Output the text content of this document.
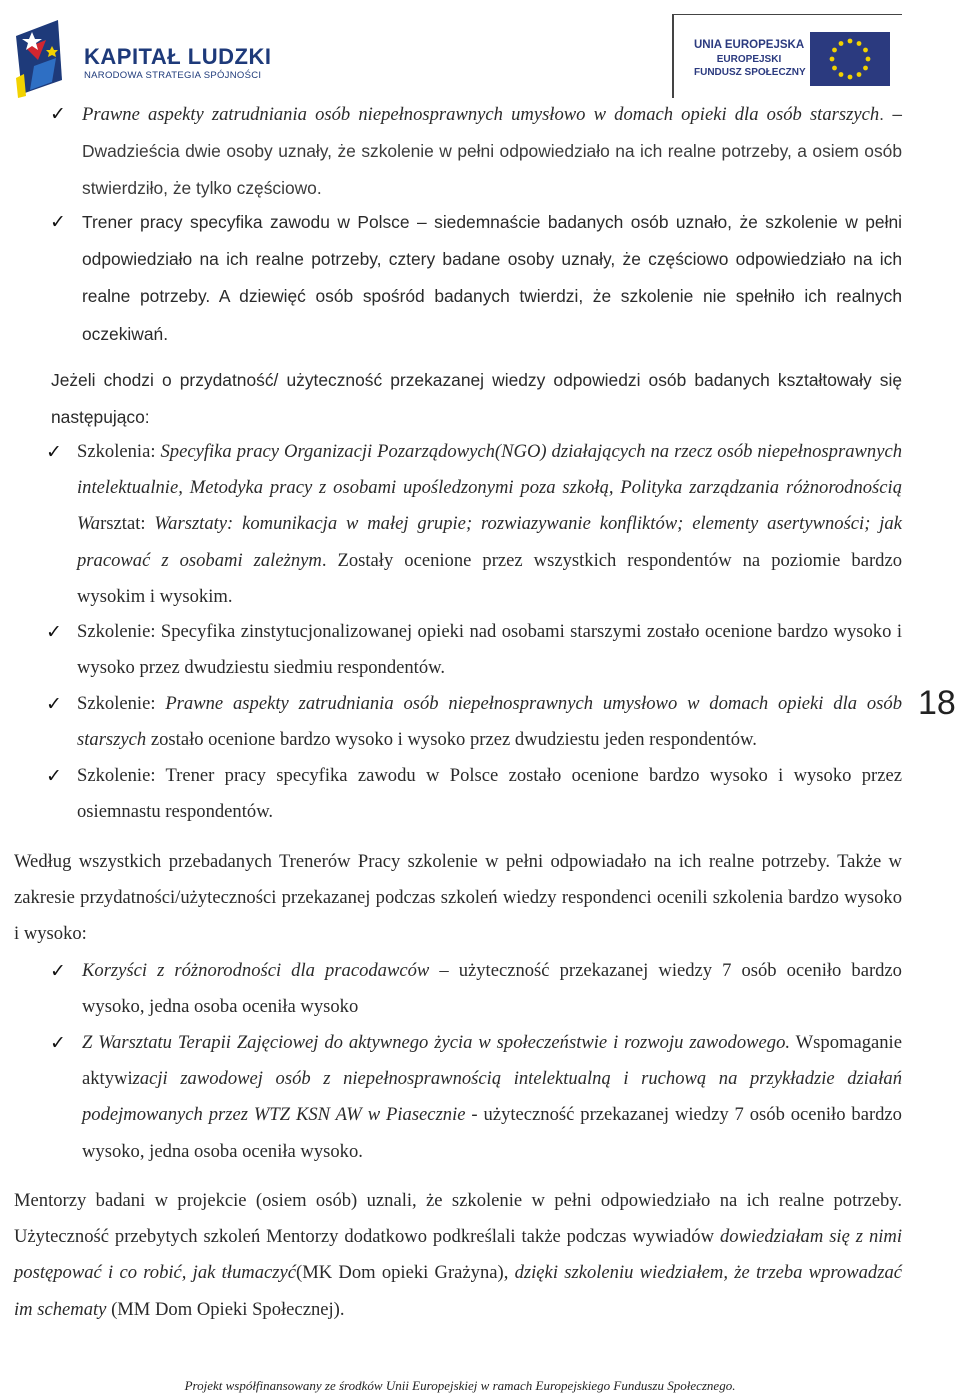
KAPITAŁ LUDZKI
NARODOWA STRATEGIA SPÓJNOŚCI
UNIA EUROPEJSKA
EUROPEJSKI
FUNDUSZ SPOŁECZNY
✓ Prawne aspekty zatrudniania osób niepełnosprawnych umysłowo w domach opieki dla osób starszych. – Dwadzieścia dwie osoby uznały, że szkolenie w pełni odpowiedziało na ich realne potrzeby, a osiem osób stwierdziło, że tylko częściowo.
✓ Trener pracy specyfika zawodu w Polsce – siedemnaście badanych osób uznało, że szkolenie w pełni odpowiedziało na ich realne potrzeby, cztery badane osoby uznały, że częściowo odpowiedziało na ich realne potrzeby. A dziewięć osób spośród badanych twierdzi, że szkolenie nie spełniło ich realnych oczekiwań.
Jeżeli chodzi o przydatność/ użyteczność przekazanej wiedzy odpowiedzi osób badanych kształtowały się następująco:
✓ Szkolenia: Specyfika pracy Organizacji Pozarządowych(NGO) działających na rzecz osób niepełnosprawnych intelektualnie, Metodyka pracy z osobami upośledzonymi poza szkołą, Polityka zarządzania różnorodnością Warsztat: Warsztaty: komunikacja w małej grupie; rozwiazywanie konfliktów; elementy asertywności; jak pracować z osobami zależnym. Zostały ocenione przez wszystkich respondentów na poziomie bardzo wysokim i wysokim.
✓ Szkolenie: Specyfika zinstytucjonalizowanej opieki nad osobami starszymi zostało ocenione bardzo wysoko i wysoko przez dwudziestu siedmiu respondentów.
✓ Szkolenie: Prawne aspekty zatrudniania osób niepełnosprawnych umysłowo w domach opieki dla osób starszych zostało ocenione bardzo wysoko i wysoko przez dwudziestu jeden respondentów.
✓ Szkolenie: Trener pracy specyfika zawodu w Polsce zostało ocenione bardzo wysoko i wysoko przez osiemnastu respondentów.
18
Według wszystkich przebadanych Trenerów Pracy szkolenie w pełni odpowiadało na ich realne potrzeby. Także w zakresie przydatności/użyteczności przekazanej podczas szkoleń wiedzy respondenci ocenili szkolenia bardzo wysoko i wysoko:
✓ Korzyści z różnorodności dla pracodawców – użyteczność przekazanej wiedzy 7 osób oceniło bardzo wysoko, jedna osoba oceniła wysoko
✓ Z Warsztatu Terapii Zajęciowej do aktywnego życia w społeczeństwie i rozwoju zawodowego. Wspomaganie aktywizacji zawodowej osób z niepełnosprawnością intelektualną i ruchową na przykładzie działań podejmowanych przez WTZ KSN AW w Piasecznie - użyteczność przekazanej wiedzy 7 osób oceniło bardzo wysoko, jedna osoba oceniła wysoko.
Mentorzy badani w projekcie (osiem osób) uznali, że szkolenie w pełni odpowiedziało na ich realne potrzeby. Użyteczność przebytych szkoleń Mentorzy dodatkowo podkreślali także podczas wywiadów dowiedziałam się z nimi postępować i co robić, jak tłumaczyć(MK Dom opieki Grażyna), dzięki szkoleniu wiedziałem, że trzeba wprowadzać im schematy (MM Dom Opieki Społecznej).
Projekt współfinansowany ze środków Unii Europejskiej w ramach Europejskiego Funduszu Społecznego.
